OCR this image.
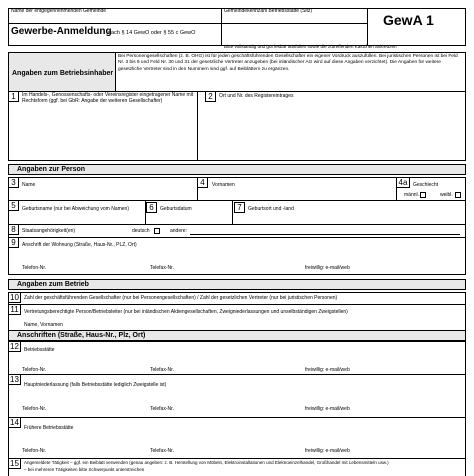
Name der entgegennehmenden Gemeinde	Gemeindekennzahl Betriebsstätte (Sitz)
GewA 1
Gewerbe-Anmeldung
nach § 14 GewO oder § 55 c GewO
Bitte vollständig und gut lesbar ausfüllen sowie die zutreffenden Kästchen ankreuzen
Angaben zum Betriebsinhaber
Bei Personengesellschaften (z. B. OHG) ist für jeden geschäftsführenden Gesellschafter ein eigener Vordruck auszufüllen. Bei juristischen Personen ist bei Feld Nr. 3 bis 9 und Feld Nr. 30 und 31 der gesetzliche Vertreter anzugeben (bei inländischer AG wird auf diese Angaben verzichtet). Die Angaben für weitere gesetzliche Vertreter sind in den Nummern sind ggf. auf Beiblättern zu ergänzen.
1	Im Handels-, Genossenschafts- oder Vereinsregister eingetragener Name mit Rechtsform (ggf. bei GbR: Angabe der weiteren Gesellschafter)	2	Ort und Nr. des Registereintrages
Angaben zur Person
3	Name	4	Vornamen	4a	Geschlecht
männl.	weibl.
5	Geburtsname (nur bei Abweichung vom Namen)	6	Geburtsdatum	7	Geburtsort und -land
8	Staatsangehörigkeit(en)	deutsch	andere:
9	Anschrift der Wohnung (Straße, Haus-Nr., PLZ, Ort)
Telefon-Nr.	Telefax-Nr.	freiwillig: e-mail/web
Angaben zum Betrieb
10	Zahl der geschäftsführenden Gesellschafter (nur bei Personengesellschaften) / Zahl der gesetzlichen Vertreter (nur bei juristischen Personen)
11	Vertretungsberechtigte Person/Betriebsleiter (nur bei inländischen Aktiengesellschaften, Zweigniederlassungen und unselbständigen Zweigstellen)
Name, Vornamen
Anschriften (Straße, Haus-Nr., Plz, Ort)
12	Betriebsstätte
Telefon-Nr.	Telefax-Nr.	freiwillig: e-mail/web
13
Hauptniederlassung (falls Betriebsstätte lediglich Zweigstelle ist)
Telefon-Nr.	Telefax-Nr.	freiwillig: e-mail/web
14
Frühere Betriebsstätte
Telefon-Nr.	Telefax-Nr.	freiwillig: e-mail/web
15	Angemeldete Tätigkeit – ggf. ein Beiblatt verwenden (genau angeben: z. B. Herstellung von Möbeln, Elektroinstallationen und Elektroeinzelhandel, Großhandel mit Lebensmitteln usw.)
– bei mehreren Tätigkeiten bitte Schwerpunkt unterstreichen
